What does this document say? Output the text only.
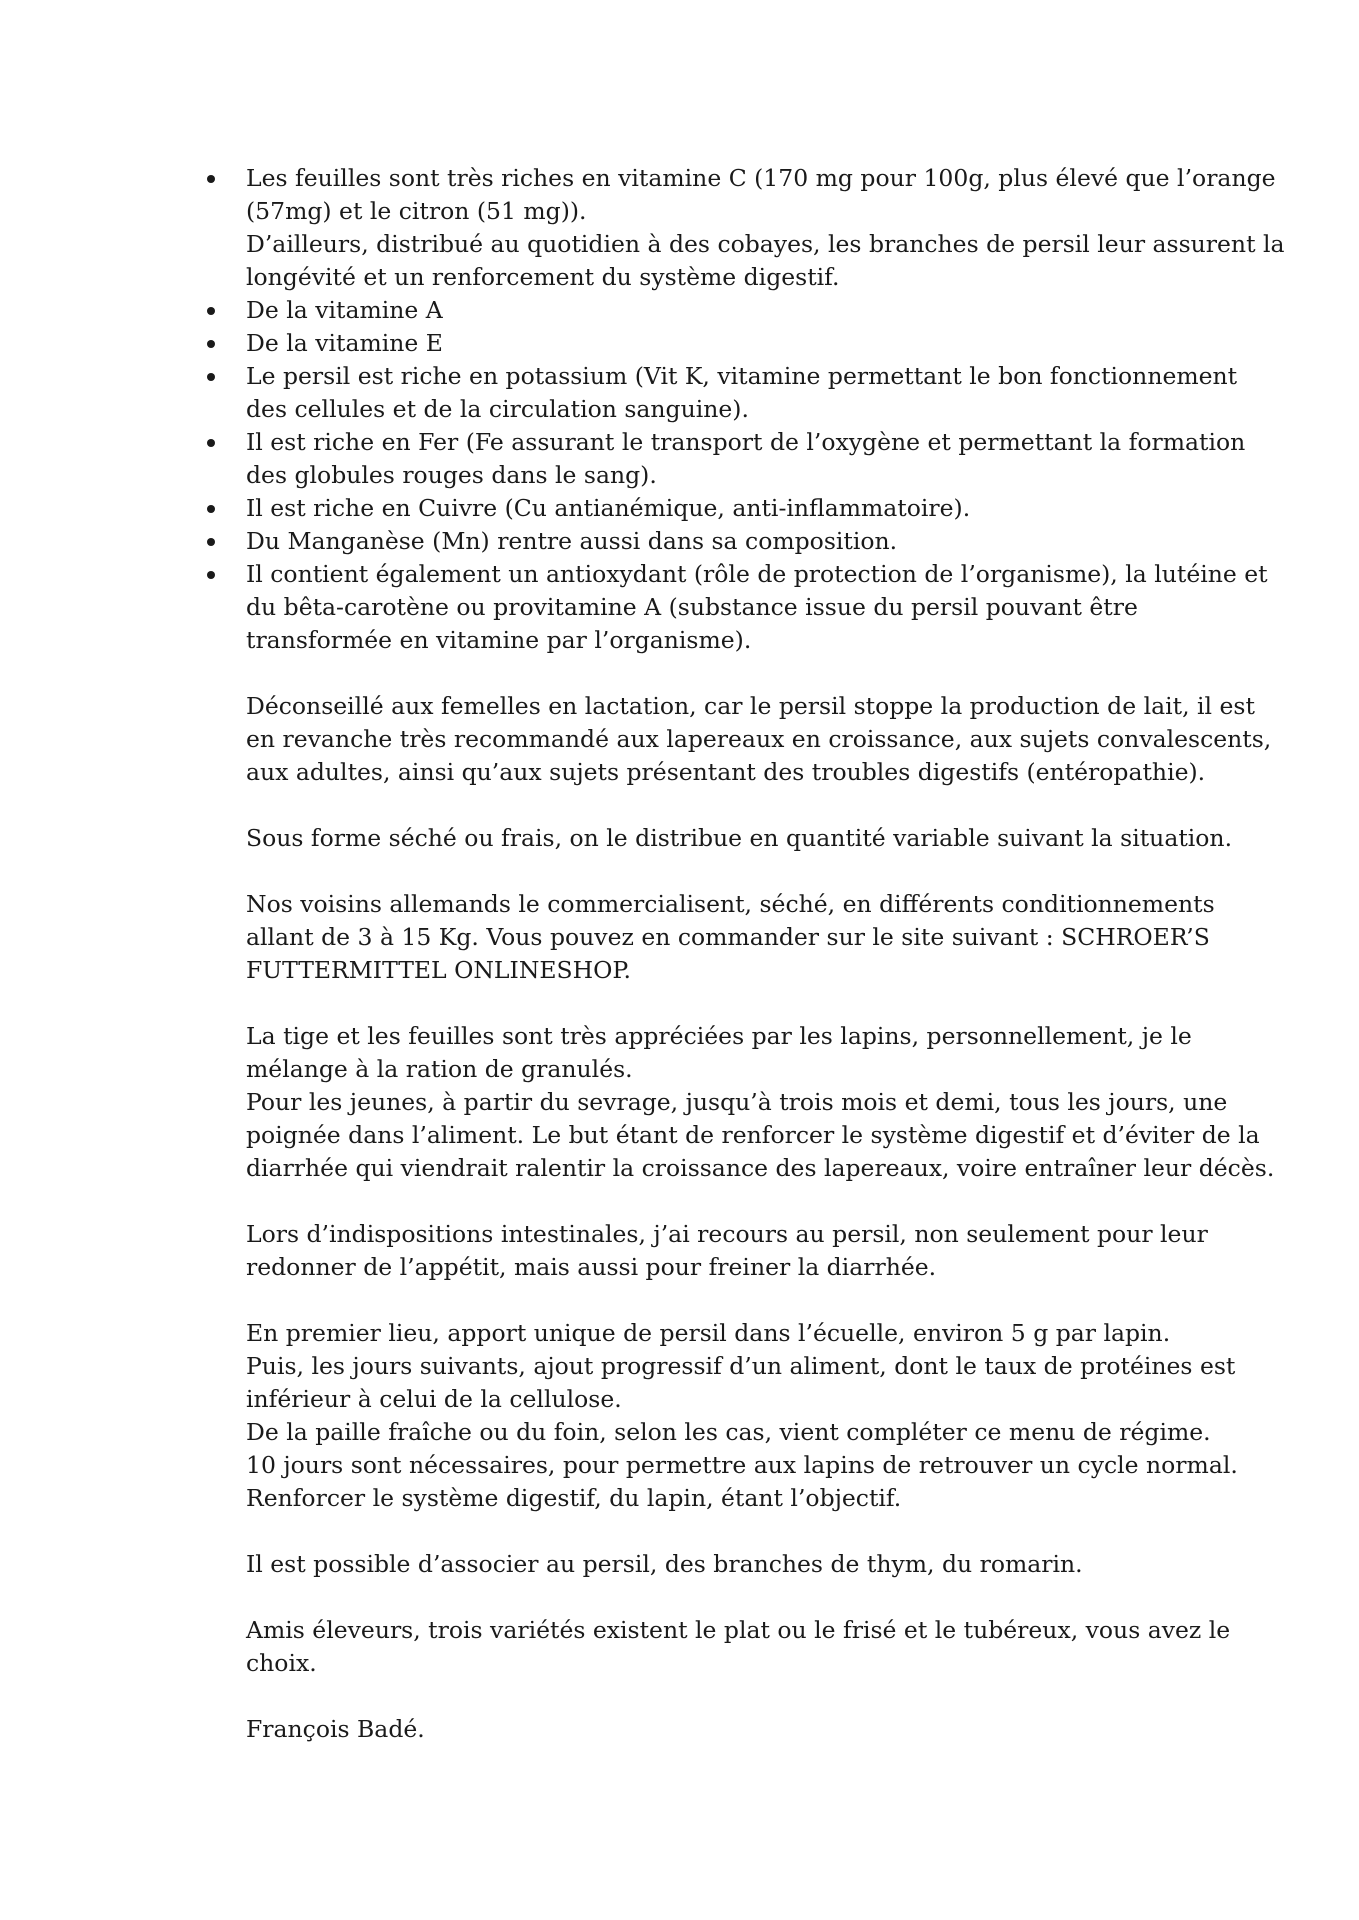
Les feuilles sont très riches en vitamine C (170 mg pour 100g, plus élevé que l’orange
(57mg) et le citron (51 mg)).
D’ailleurs, distribué au quotidien à des cobayes, les branches de persil leur assurent la
longévité et un renforcement du système digestif.
De la vitamine A
De la vitamine E
Le persil est riche en potassium (Vit K, vitamine permettant le bon fonctionnement
des cellules et de la circulation sanguine).
Il est riche en Fer (Fe assurant le transport de l’oxygène et permettant la formation
des globules rouges dans le sang).
Il est riche en Cuivre (Cu antianémique, anti-inflammatoire).
Du Manganèse (Mn) rentre aussi dans sa composition.
Il contient également un antioxydant (rôle de protection de l’organisme), la lutéine et
du bêta-carotène ou provitamine A (substance issue du persil pouvant être
transformée en vitamine par l’organisme).

Déconseillé aux femelles en lactation, car le persil stoppe la production de lait, il est
en revanche très recommandé aux lapereaux en croissance, aux sujets convalescents,
aux adultes, ainsi qu’aux sujets présentant des troubles digestifs (entéropathie).

Sous forme séché ou frais, on le distribue en quantité variable suivant la situation.

Nos voisins allemands le commercialisent, séché, en différents conditionnements
allant de 3 à 15 Kg. Vous pouvez en commander sur le site suivant : SCHROER’S
FUTTERMITTEL ONLINESHOP.

La tige et les feuilles sont très appréciées par les lapins, personnellement, je le
mélange à la ration de granulés.
Pour les jeunes, à partir du sevrage, jusqu’à trois mois et demi, tous les jours, une
poignée dans l’aliment. Le but étant de renforcer le système digestif et d’éviter de la
diarrhée qui viendrait ralentir la croissance des lapereaux, voire entraîner leur décès.

Lors d’indispositions intestinales, j’ai recours au persil, non seulement pour leur
redonner de l’appétit, mais aussi pour freiner la diarrhée.

En premier lieu, apport unique de persil dans l’écuelle, environ 5 g par lapin.
Puis, les jours suivants, ajout progressif d’un aliment, dont le taux de protéines est
inférieur à celui de la cellulose.
De la paille fraîche ou du foin, selon les cas, vient compléter ce menu de régime.
10 jours sont nécessaires, pour permettre aux lapins de retrouver un cycle normal.
Renforcer le système digestif, du lapin, étant l’objectif.

Il est possible d’associer au persil, des branches de thym, du romarin.

Amis éleveurs, trois variétés existent le plat ou le frisé et le tubéreux, vous avez le
choix.

François Badé.
